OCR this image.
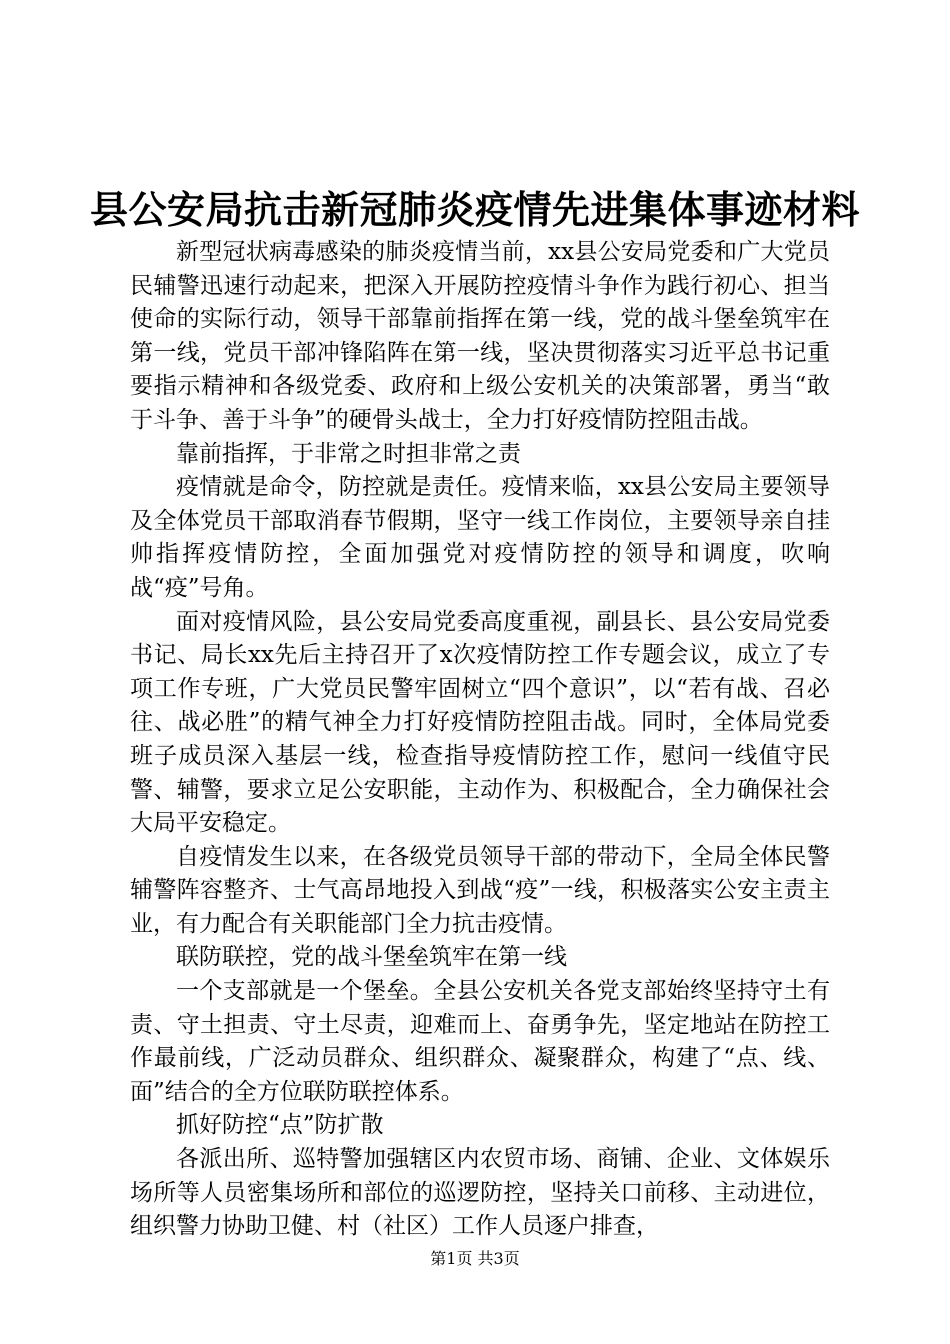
县公安局抗击新冠肺炎疫情先进集体事迹材料

新型冠状病毒感染的肺炎疫情当前，xx县公安局党委和广大党员民辅警迅速行动起来，把深入开展防控疫情斗争作为践行初心、担当使命的实际行动，领导干部靠前指挥在第一线，党的战斗堡垒筑牢在第一线，党员干部冲锋陷阵在第一线，坚决贯彻落实习近平总书记重要指示精神和各级党委、政府和上级公安机关的决策部署，勇当“敢于斗争、善于斗争”的硬骨头战士，全力打好疫情防控阻击战。

靠前指挥，于非常之时担非常之责

疫情就是命令，防控就是责任。疫情来临，xx县公安局主要领导及全体党员干部取消春节假期，坚守一线工作岗位，主要领导亲自挂帅指挥疫情防控，全面加强党对疫情防控的领导和调度，吹响战“疫”号角。

面对疫情风险，县公安局党委高度重视，副县长、县公安局党委书记、局长xx先后主持召开了x次疫情防控工作专题会议，成立了专项工作专班，广大党员民警牢固树立“四个意识”，以“若有战、召必往、战必胜”的精气神全力打好疫情防控阻击战。同时，全体局党委班子成员深入基层一线，检查指导疫情防控工作，慰问一线值守民警、辅警，要求立足公安职能，主动作为、积极配合，全力确保社会大局平安稳定。

自疫情发生以来，在各级党员领导干部的带动下，全局全体民警辅警阵容整齐、士气高昂地投入到战“疫”一线，积极落实公安主责主业，有力配合有关职能部门全力抗击疫情。

联防联控，党的战斗堡垒筑牢在第一线

一个支部就是一个堡垒。全县公安机关各党支部始终坚持守土有责、守土担责、守土尽责，迎难而上、奋勇争先，坚定地站在防控工作最前线，广泛动员群众、组织群众、凝聚群众，构建了“点、线、面”结合的全方位联防联控体系。

抓好防控“点”防扩散

各派出所、巡特警加强辖区内农贸市场、商铺、企业、文体娱乐场所等人员密集场所和部位的巡逻防控，坚持关口前移、主动进位，组织警力协助卫健、村（社区）工作人员逐户排查，

第1页 共3页
